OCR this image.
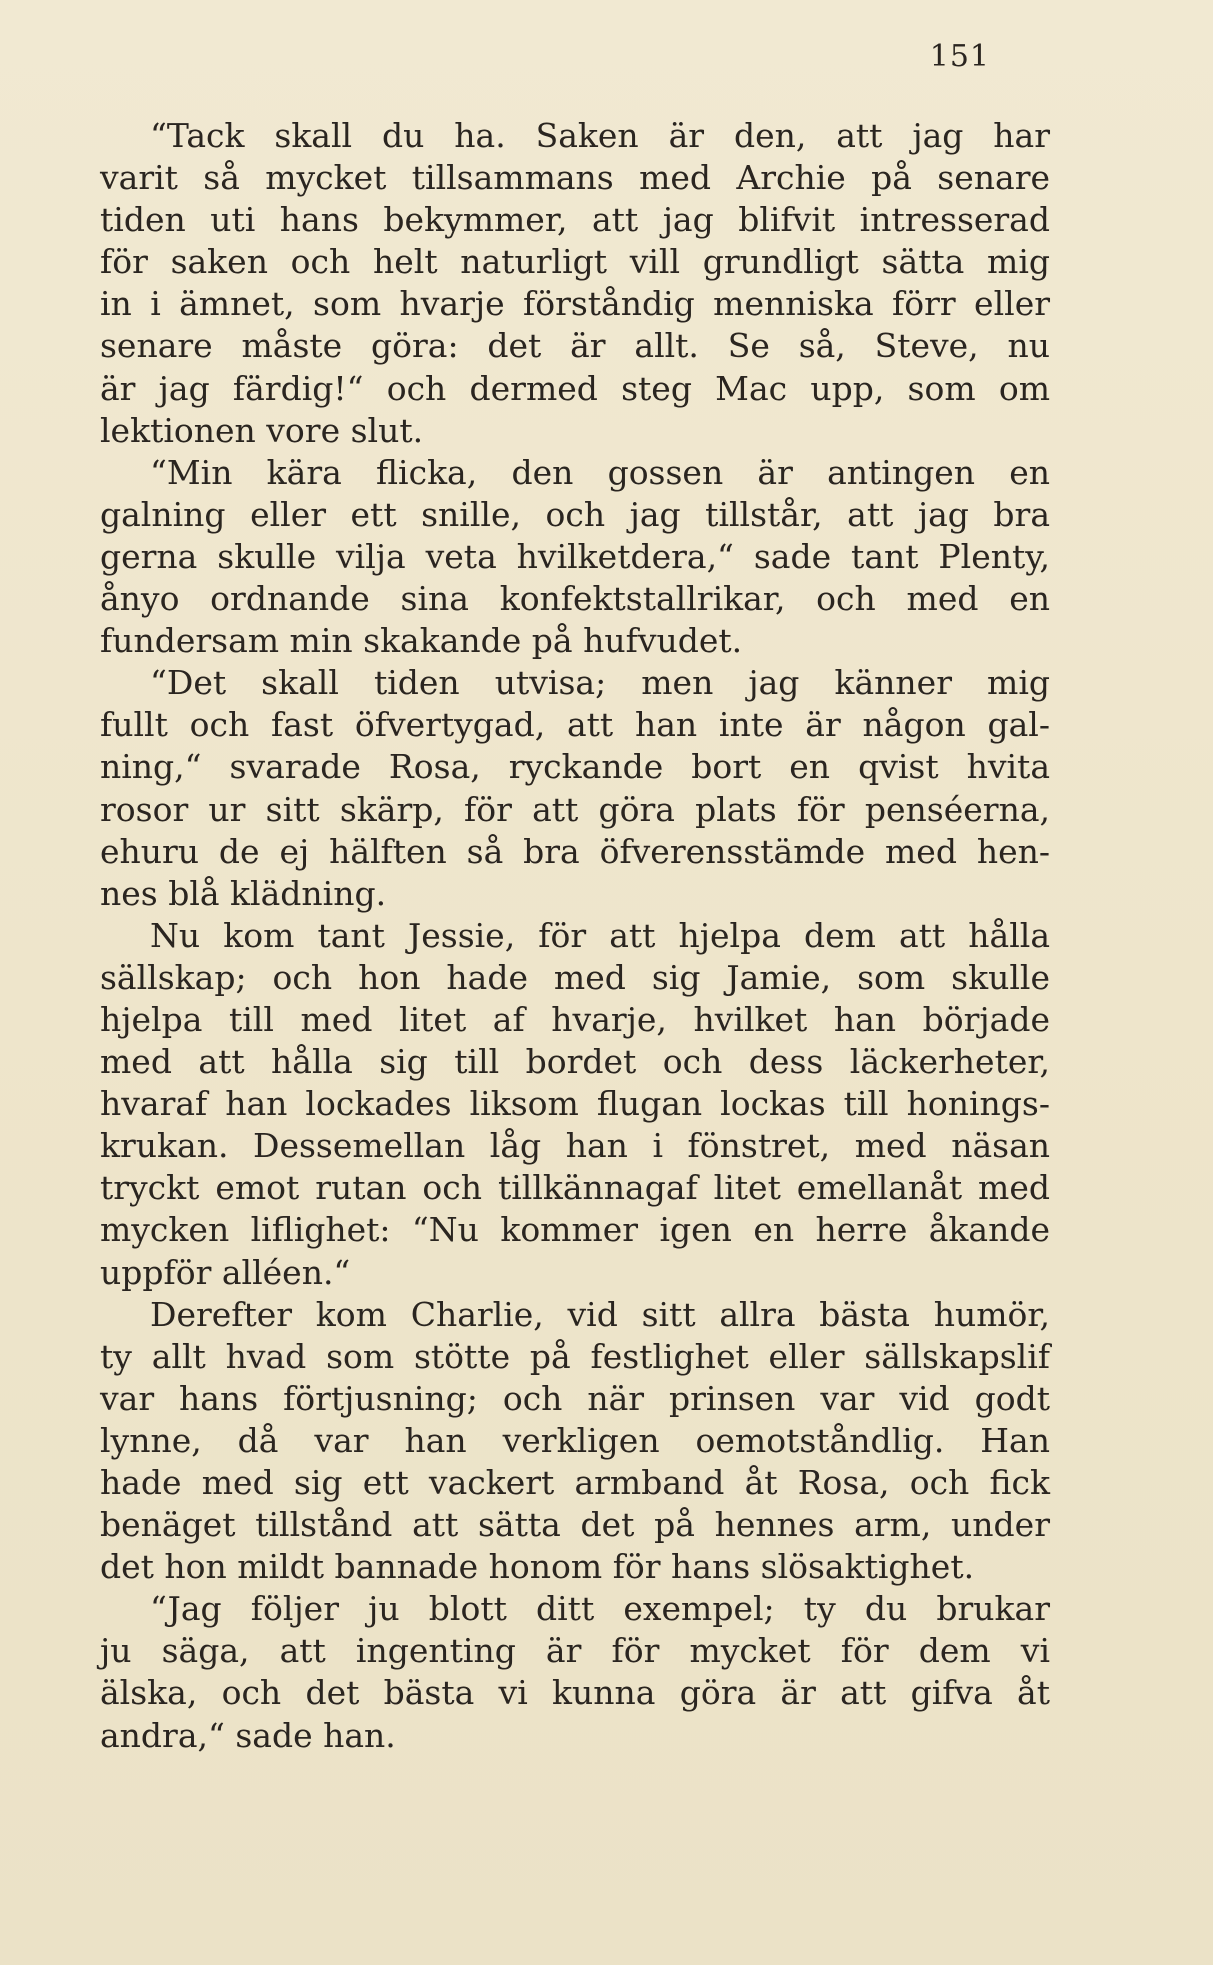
151
“Tack skall du ha. Saken är den, att jag har
varit så mycket tillsammans med Archie på senare
tiden uti hans bekymmer, att jag blifvit intresserad
för saken och helt naturligt vill grundligt sätta mig
in i ämnet, som hvarje förståndig menniska förr eller
senare måste göra: det är allt. Se så, Steve, nu
är jag färdig!“ och dermed steg Mac upp, som om
lektionen vore slut.
“Min kära flicka, den gossen är antingen en
galning eller ett snille, och jag tillstår, att jag bra
gerna skulle vilja veta hvilketdera,“ sade tant Plenty,
ånyo ordnande sina konfektstallrikar, och med en
fundersam min skakande på hufvudet.
“Det skall tiden utvisa; men jag känner mig
fullt och fast öfvertygad, att han inte är någon gal-
ning,“ svarade Rosa, ryckande bort en qvist hvita
rosor ur sitt skärp, för att göra plats för penséerna,
ehuru de ej hälften så bra öfverensstämde med hen-
nes blå klädning.
Nu kom tant Jessie, för att hjelpa dem att hålla
sällskap; och hon hade med sig Jamie, som skulle
hjelpa till med litet af hvarje, hvilket han började
med att hålla sig till bordet och dess läckerheter,
hvaraf han lockades liksom flugan lockas till honings-
krukan. Dessemellan låg han i fönstret, med näsan
tryckt emot rutan och tillkännagaf litet emellanåt med
mycken liflighet: “Nu kommer igen en herre åkande
uppför alléen.“
Derefter kom Charlie, vid sitt allra bästa humör,
ty allt hvad som stötte på festlighet eller sällskapslif
var hans förtjusning; och när prinsen var vid godt
lynne, då var han verkligen oemotståndlig. Han
hade med sig ett vackert armband åt Rosa, och fick
benäget tillstånd att sätta det på hennes arm, under
det hon mildt bannade honom för hans slösaktighet.
“Jag följer ju blott ditt exempel; ty du brukar
ju säga, att ingenting är för mycket för dem vi
älska, och det bästa vi kunna göra är att gifva åt
andra,“ sade han.
